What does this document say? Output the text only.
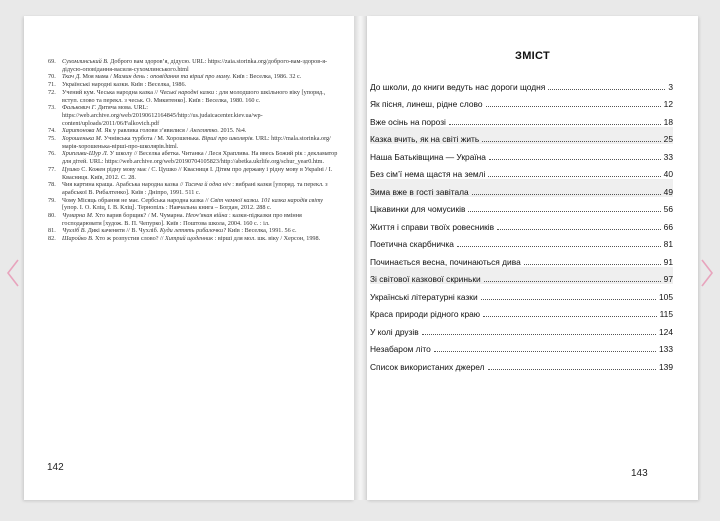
69. Сухомлинський В. Доброго вам здоров’я, дідусю. URL: https://zaia.storinka.org/доброго-вам-здоров-я-дідусю-оповідання-василя-сухомлинського.html
70. Ткач Д. Моя мама / Мамин день : оповідання та вірші про маму. Київ : Веселка, 1986. 32 с.
71. Українські народні казки. Київ : Веселка, 1986.
72. Учений кум. Чеська народна казка // Чеські народні казки : для молодшого шкільного віку [упоряд., вступ. слово та перекл. з чеськ. О. Микитенко]. Київ : Веселка, 1980. 160 с.
73. Фалькович Г. Дитяча мова. URL: https://web.archive.org/web/20190612164845/http://us.judaicacenter.kiev.ua/wp-content/uploads/2011/06/Falkovich.pdf
74. Харитонова М. Як у равлика голови з’явилися / Ангелятко. 2015. №4.
75. Хорошенька М. Учнівська турбота / М. Хорошенька. Вірші про школярів. URL: http://mala.storinka.org/марія-хорошенька-вірші-про-школярів.html.
76. Хрипливи-Шур Л. У школу // Веселка абетка. Читанка / Леся Храплива. На ввесь Божий рік : декламатор для дітей. URL: https://web.archive.org/web/20190704105823/http://abetka.ukrlife.org/schur_year0.htm.
77. Цушко С. Кожен рідну мову має / С. Цушко // Квасниця І. Дітям про державу і рідну мову в Україні / І. Квасниця. Київ, 2012. С. 28.
78. Чия картина краща. Арабська народна казка // Тисяча й одна ніч : вибрані казки [упоряд. та перекл. з арабської В. Рибалтенко]. Київ : Дніпро, 1991. 511 с.
79. Чому Місяць обрання не має. Сербська народна казка // Світ чемної казки. 101 казка народів світу [упор. І. О. Кліц, І. В. Кліц]. Тернопіль : Навчальна книга – Богдан, 2012. 288 с.
80. Чумарна М. Хто варив борщик? / М. Чумарна. Неоч’якая війна : казки-підказки про вміння господарювати [худож. В. П. Чепурко]. Київ : Поштова школа, 2004. 160 с. : іл.
81. Чухліб В. Дикі каченяти // В. Чухліб. Куди летять рибалочки? Київ : Веселка, 1991. 56 с.
82. Шаройко В. Хто ж розпустив слово? // Хитрий щоденник : вірші для мол. шк. віку / Херсон, 1998.
142
ЗМІСТ
До школи, до книги ведуть нас дороги щодня	3
Як пісня, линеш, рідне слово	12
Вже осінь на порозі	18
Казка вчить, як на світі жить	25
Наша Батьківщина — Україна	33
Без сім’ї нема щастя на землі	40
Зима вже в гості завітала	49
Цікавинки для чомусиків	56
Життя і справи твоїх ровесників	66
Поетична скарбничка	81
Починається весна, починаються дива	91
Зі світової казкової скриньки	97
Українські літературні казки	105
Краса природи рідного краю	115
У колі друзів	124
Незабаром літо	133
Список використаних джерел	139
143
